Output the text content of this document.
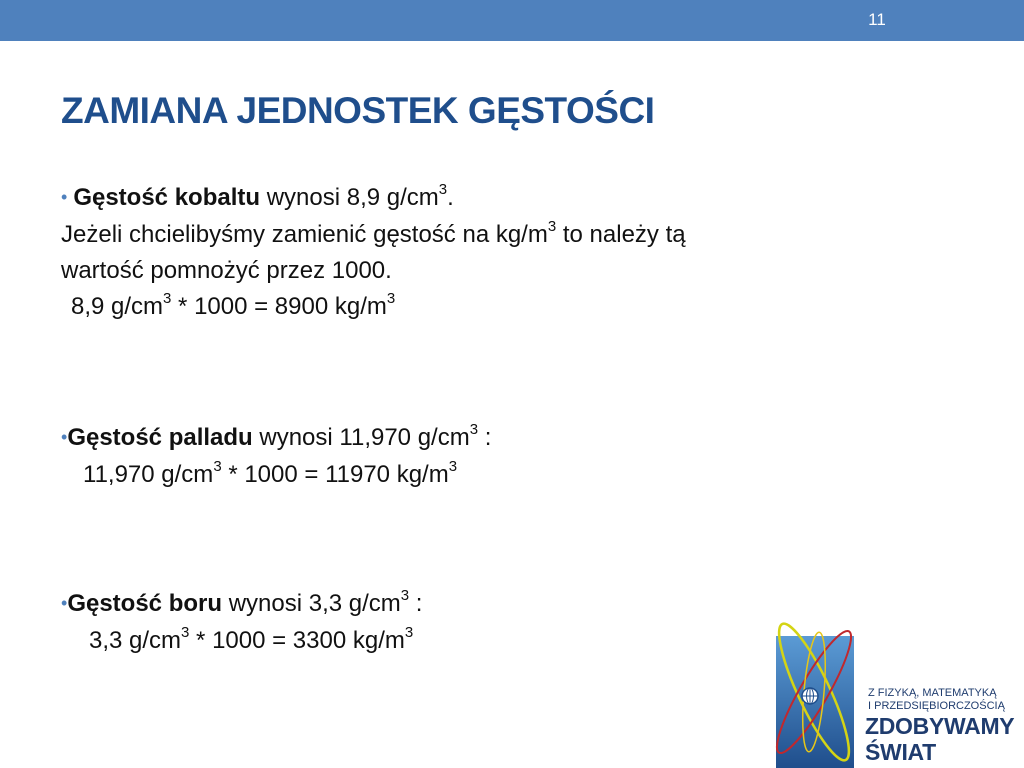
11
ZAMIANA JEDNOSTEK GĘSTOŚCI
• Gęstość kobaltu wynosi 8,9 $g/cm^3$.
Jeżeli chcielibyśmy zamienić gęstość na $kg/m^3$ to należy tą
wartość pomnożyć przez 1000.
8,9 $g/cm^3 * 1000 = 8900$ $kg/m^3$
•Gęstość palladu wynosi 11,970 $g/cm^3$ :
11,970 $g/cm^3 * 1000 = 11970$ $kg/m^3$
•Gęstość boru wynosi 3,3 $g/cm^3$ :
3,3 $g/cm^3 * 1000 = 3300$ $kg/m^3$
Z FIZYKĄ, MATEMATYKĄ
I PRZEDSIĘBIORCZOŚCIĄ
ZDOBYWAMY
ŚWIAT
